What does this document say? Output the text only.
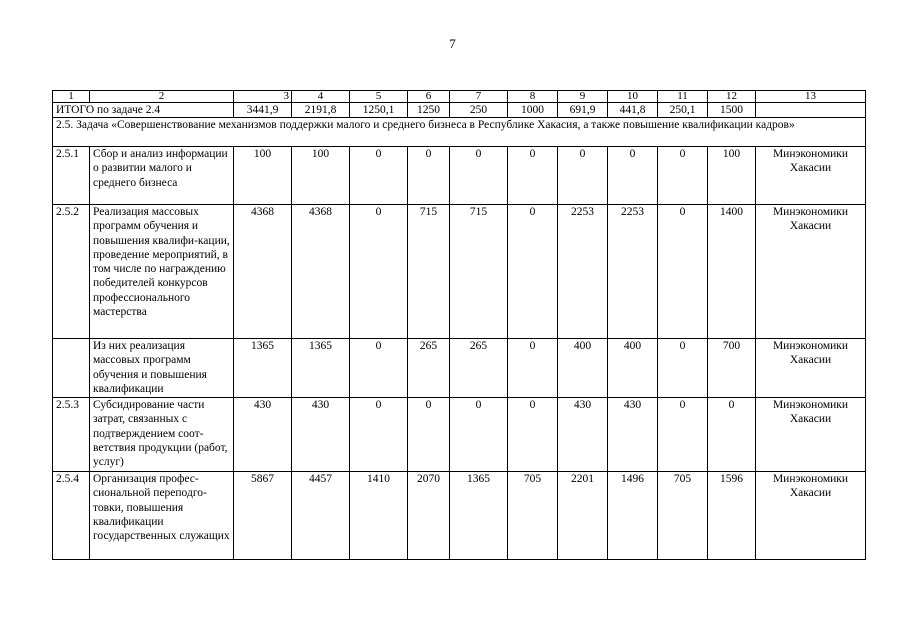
7
1	2	3	4	5	6	7	8	9	10	11	12	13
ИТОГО по задаче 2.4		3441,9	2191,8	1250,1	1250	250	1000	691,9	441,8	250,1	1500	
2.5. Задача «Совершенствование механизмов поддержки малого и среднего бизнеса в Республике Хакасия, а также повышение квалификации кадров»												
2.5.1	Сбор и анализ информации о развитии малого и среднего бизнеса	100	100	0	0	0	0	0	0	0	100	Минэкономики Хакасии
2.5.2	Реализация массовых программ обучения и повышения квалифи-кации, проведение мероприятий, в том числе по награждению победителей конкурсов профессионального мастерства	4368	4368	0	715	715	0	2253	2253	0	1400	Минэкономики Хакасии
	Из них реализация массовых программ обучения и повышения квалификации	1365	1365	0	265	265	0	400	400	0	700	Минэкономики Хакасии
2.5.3	Субсидирование части затрат, связанных с подтверждением соот-ветствия продукции (работ, услуг)	430	430	0	0	0	0	430	430	0	0	Минэкономики Хакасии
2.5.4	Организация профес-сиональной переподго-товки, повышения квалификации государственных служащих	5867	4457	1410	2070	1365	705	2201	1496	705	1596	Минэкономики Хакасии
